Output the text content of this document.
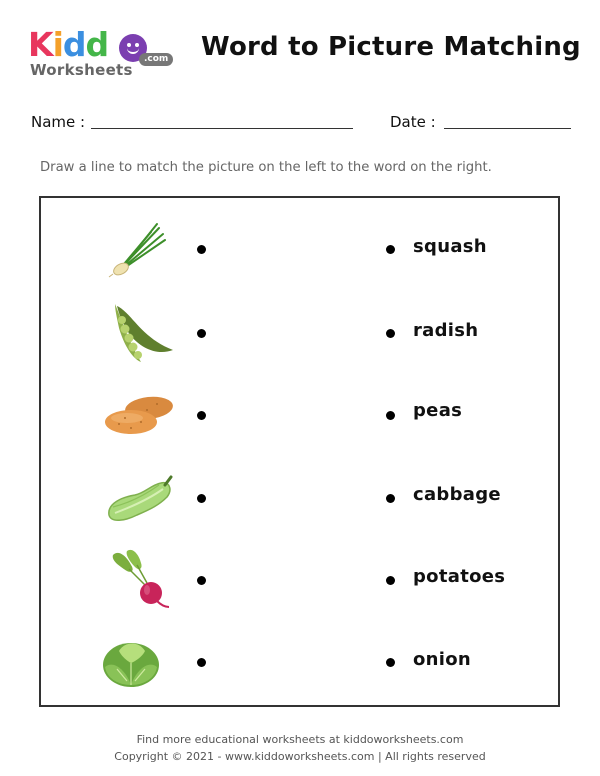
Kidd
Worksheets
.com Word to Picture Matching
Name :	Date :

Draw a line to match the picture on the left to the word on the right.

squash
radish
peas
cabbage
potatoes
onion
Find more educational worksheets at kiddoworksheets.com
Copyright © 2021 - www.kiddoworksheets.com | All rights reserved
